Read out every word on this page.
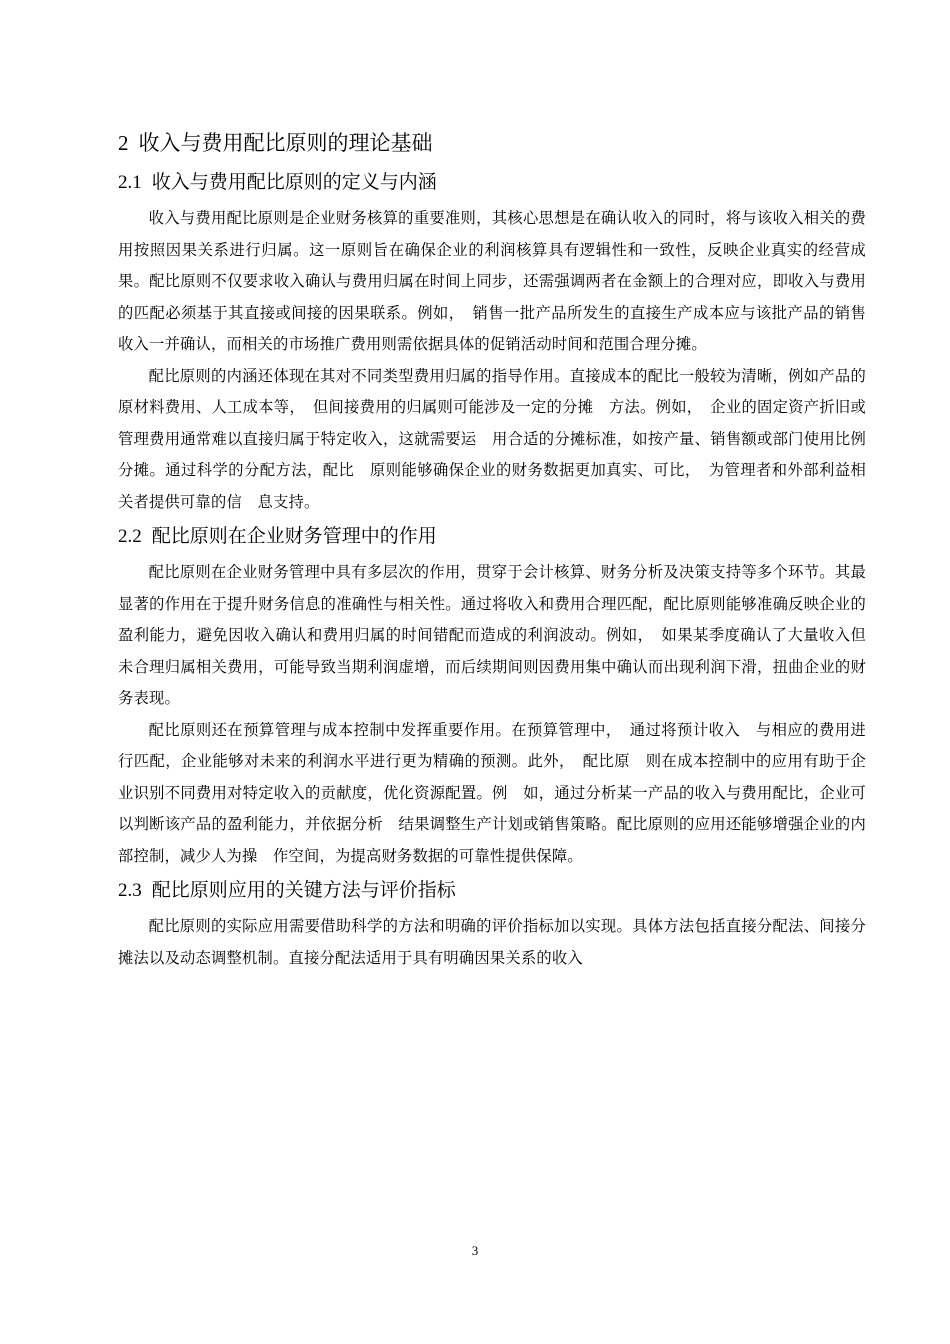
2 收入与费用配比原则的理论基础
2.1 收入与费用配比原则的定义与内涵

收入与费用配比原则是企业财务核算的重要准则，其核心思想是在确认收入的同时，将与该收入相关的费用按照因果关系进行归属。这一原则旨在确保企业的利润核算具有逻辑性和一致性，反映企业真实的经营成果。配比原则不仅要求收入确认与费用归属在时间上同步，还需强调两者在金额上的合理对应，即收入与费用的匹配必须基于其直接或间接的因果联系。例如，　销售一批产品所发生的直接生产成本应与该批产品的销售收入一并确认，而相关的市场推广费用则需依据具体的促销活动时间和范围合理分摊。

配比原则的内涵还体现在其对不同类型费用归属的指导作用。直接成本的配比一般较为清晰，例如产品的原材料费用、人工成本等，　但间接费用的归属则可能涉及一定的分摊　方法。例如，　企业的固定资产折旧或管理费用通常难以直接归属于特定收入，这就需要运　用合适的分摊标准，如按产量、销售额或部门使用比例分摊。通过科学的分配方法，配比　原则能够确保企业的财务数据更加真实、可比，　为管理者和外部利益相关者提供可靠的信　息支持。

2.2 配比原则在企业财务管理中的作用

配比原则在企业财务管理中具有多层次的作用，贯穿于会计核算、财务分析及决策支持等多个环节。其最显著的作用在于提升财务信息的准确性与相关性。通过将收入和费用合理匹配，配比原则能够准确反映企业的盈利能力，避免因收入确认和费用归属的时间错配而造成的利润波动。例如，　如果某季度确认了大量收入但未合理归属相关费用，可能导致当期利润虚增，而后续期间则因费用集中确认而出现利润下滑，扭曲企业的财务表现。

配比原则还在预算管理与成本控制中发挥重要作用。在预算管理中，　通过将预计收入　与相应的费用进行匹配，企业能够对未来的利润水平进行更为精确的预测。此外，　配比原　则在成本控制中的应用有助于企业识别不同费用对特定收入的贡献度，优化资源配置。例　如，通过分析某一产品的收入与费用配比，企业可以判断该产品的盈利能力，并依据分析　结果调整生产计划或销售策略。配比原则的应用还能够增强企业的内部控制，减少人为操　作空间，为提高财务数据的可靠性提供保障。

2.3 配比原则应用的关键方法与评价指标

配比原则的实际应用需要借助科学的方法和明确的评价指标加以实现。具体方法包括直接分配法、间接分摊法以及动态调整机制。直接分配法适用于具有明确因果关系的收入

3
